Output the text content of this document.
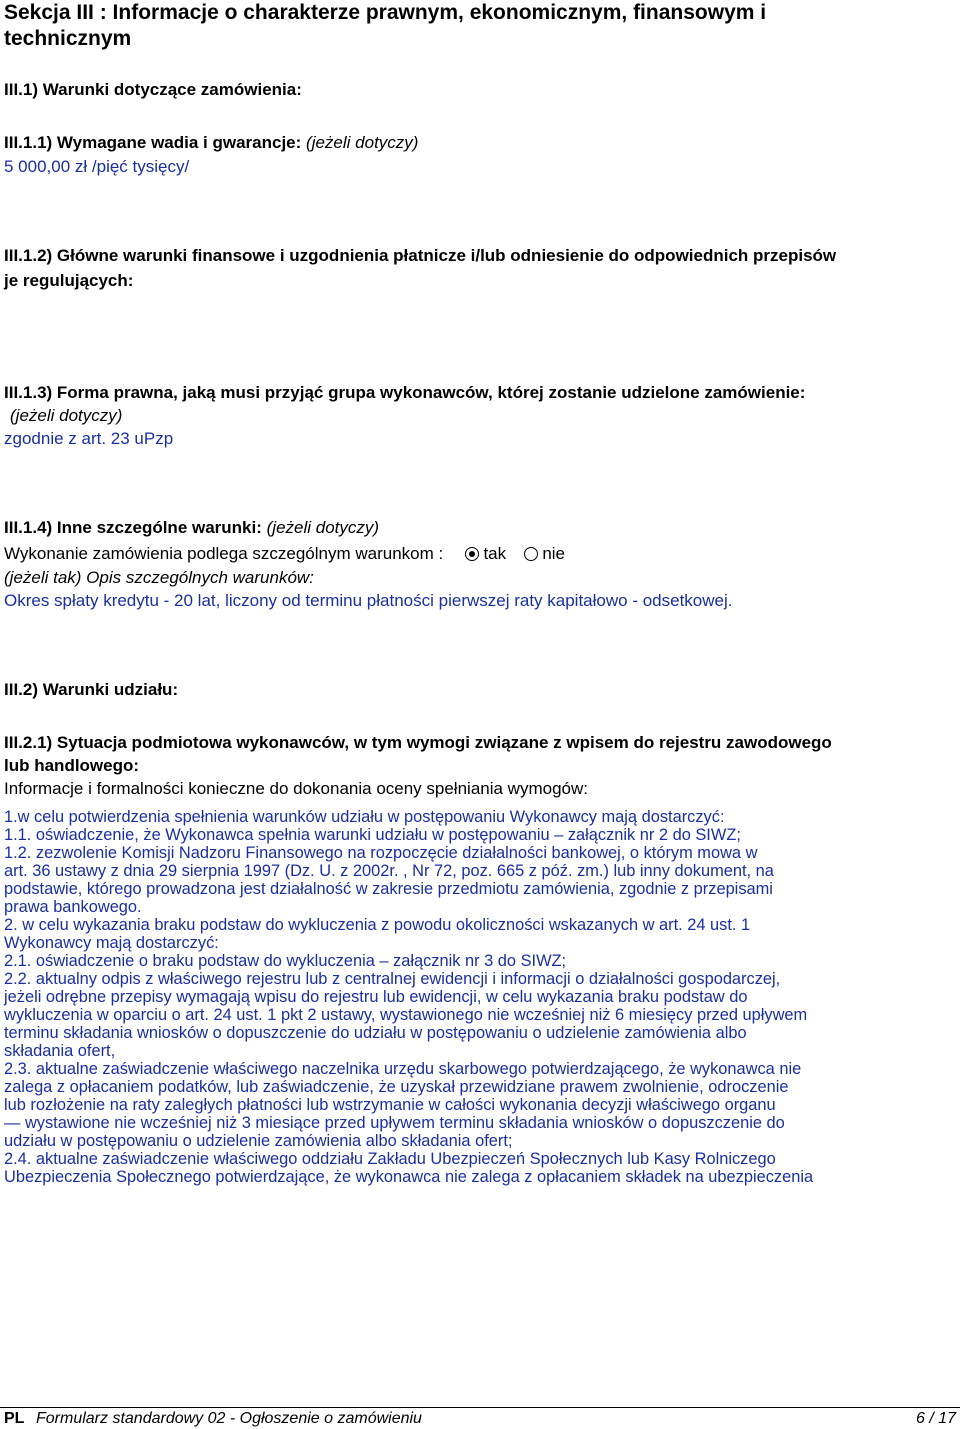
Sekcja III : Informacje o charakterze prawnym, ekonomicznym, finansowym i
technicznym
III.1) Warunki dotyczące zamówienia:
III.1.1) Wymagane wadia i gwarancje: (jeżeli dotyczy)
5 000,00 zł /pięć tysięcy/
III.1.2) Główne warunki finansowe i uzgodnienia płatnicze i/lub odniesienie do odpowiednich przepisów
je regulujących:
III.1.3) Forma prawna, jaką musi przyjąć grupa wykonawców, której zostanie udzielone zamówienie:
(jeżeli dotyczy)
zgodnie z art. 23 uPzp
III.1.4) Inne szczególne warunki: (jeżeli dotyczy)
Wykonanie zamówienia podlega szczególnym warunkom : tak nie
(jeżeli tak) Opis szczególnych warunków:
Okres spłaty kredytu - 20 lat, liczony od terminu płatności pierwszej raty kapitałowo - odsetkowej.
III.2) Warunki udziału:
III.2.1) Sytuacja podmiotowa wykonawców, w tym wymogi związane z wpisem do rejestru zawodowego
lub handlowego:
Informacje i formalności konieczne do dokonania oceny spełniania wymogów:
1.w celu potwierdzenia spełnienia warunków udziału w postępowaniu Wykonawcy mają dostarczyć:
1.1. oświadczenie, że Wykonawca spełnia warunki udziału w postępowaniu – załącznik nr 2 do SIWZ;
1.2. zezwolenie Komisji Nadzoru Finansowego na rozpoczęcie działalności bankowej, o którym mowa w
art. 36 ustawy z dnia 29 sierpnia 1997 (Dz. U. z 2002r. , Nr 72, poz. 665 z póź. zm.) lub inny dokument, na
podstawie, którego prowadzona jest działalność w zakresie przedmiotu zamówienia, zgodnie z przepisami
prawa bankowego.
2. w celu wykazania braku podstaw do wykluczenia z powodu okoliczności wskazanych w art. 24 ust. 1
Wykonawcy mają dostarczyć:
2.1. oświadczenie o braku podstaw do wykluczenia – załącznik nr 3 do SIWZ;
2.2. aktualny odpis z właściwego rejestru lub z centralnej ewidencji i informacji o działalności gospodarczej,
jeżeli odrębne przepisy wymagają wpisu do rejestru lub ewidencji, w celu wykazania braku podstaw do
wykluczenia w oparciu o art. 24 ust. 1 pkt 2 ustawy, wystawionego nie wcześniej niż 6 miesięcy przed upływem
terminu składania wniosków o dopuszczenie do udziału w postępowaniu o udzielenie zamówienia albo
składania ofert,
2.3. aktualne zaświadczenie właściwego naczelnika urzędu skarbowego potwierdzającego, że wykonawca nie
zalega z opłacaniem podatków, lub zaświadczenie, że uzyskał przewidziane prawem zwolnienie, odroczenie
lub rozłożenie na raty zaległych płatności lub wstrzymanie w całości wykonania decyzji właściwego organu
— wystawione nie wcześniej niż 3 miesiące przed upływem terminu składania wniosków o dopuszczenie do
udziału w postępowaniu o udzielenie zamówienia albo składania ofert;
2.4. aktualne zaświadczenie właściwego oddziału Zakładu Ubezpieczeń Społecznych lub Kasy Rolniczego
Ubezpieczenia Społecznego potwierdzające, że wykonawca nie zalega z opłacaniem składek na ubezpieczenia
PL Formularz standardowy 02 - Ogłoszenie o zamówieniu	6 / 17
